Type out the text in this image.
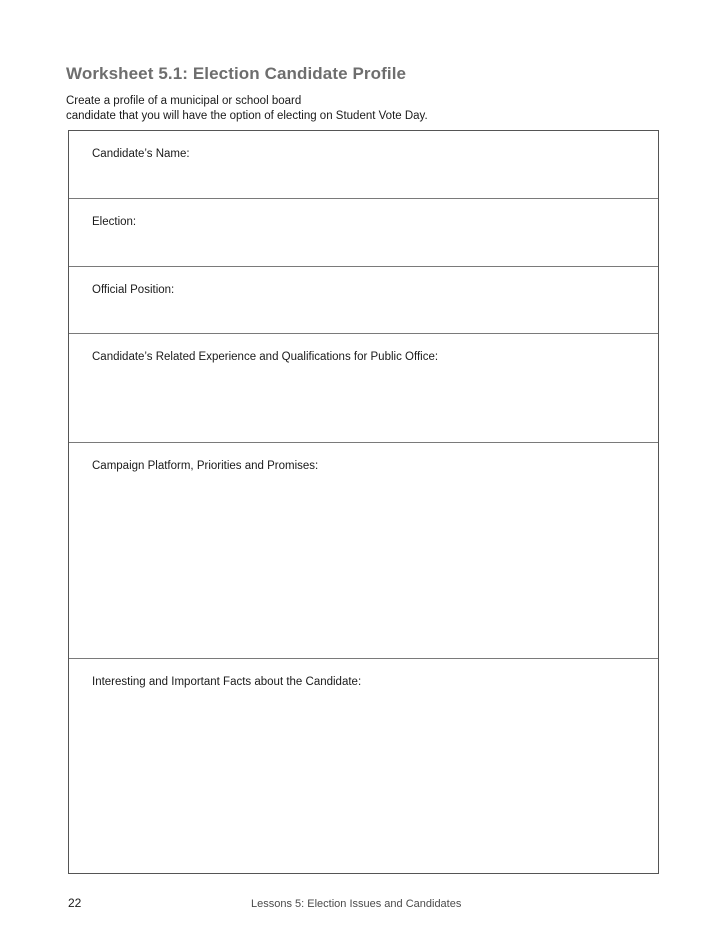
Worksheet 5.1: Election Candidate Profile
Create a profile of a municipal or school board
candidate that you will have the option of electing on Student Vote Day.
Candidate’s Name:
Election:
Official Position:
Candidate’s Related Experience and Qualifications for Public Office:
Campaign Platform, Priorities and Promises:
Interesting and Important Facts about the Candidate:
22	Lessons 5: Election Issues and Candidates
